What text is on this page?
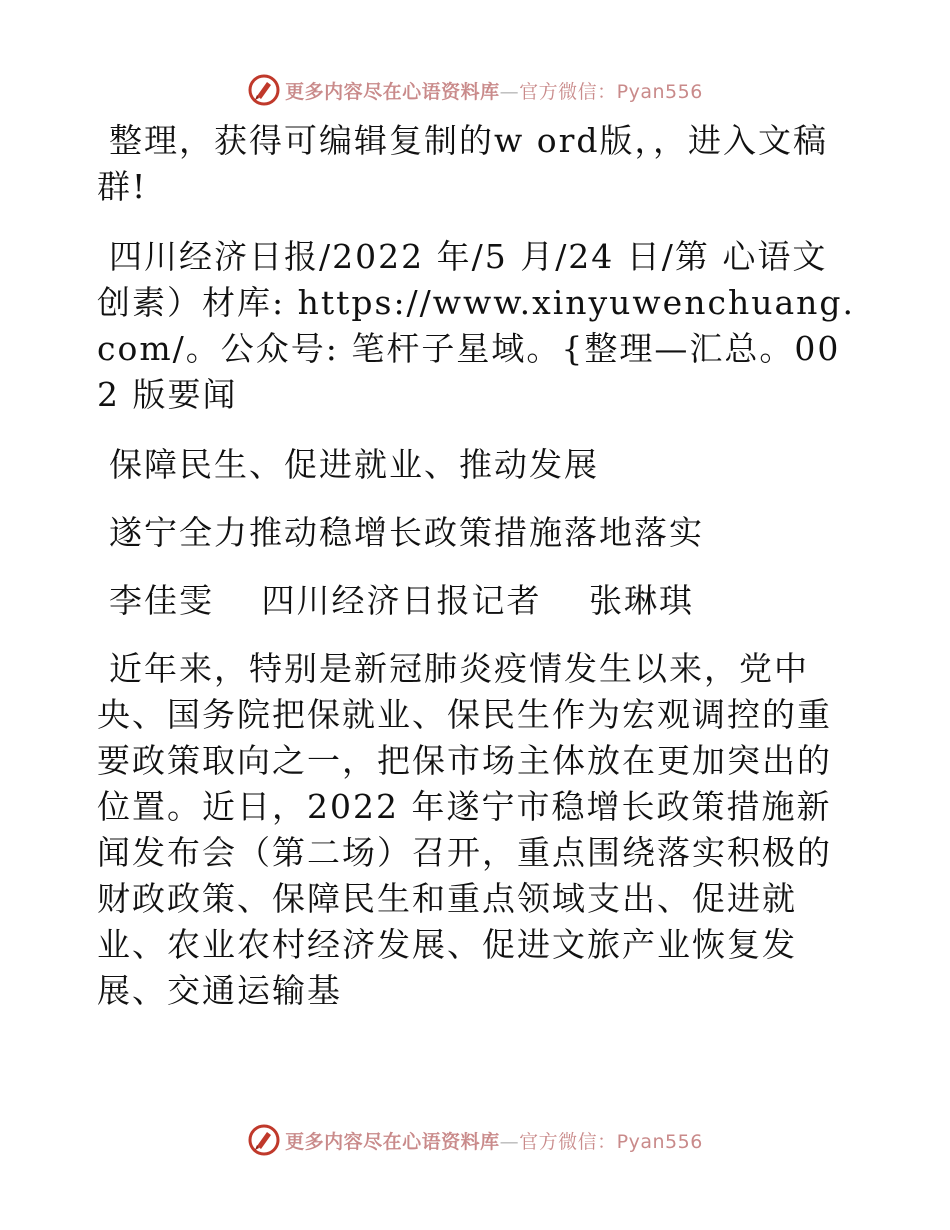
更多内容尽在心语资料库—官方微信：Pyan556

整理，获得可编辑复制的w ord版，，进入文稿群!

四川经济日报/2022 年/5 月/24 日/第 心语文创素）材库: https://www.xinyuwenchuang.com/。公众号: 笔杆子星域。{整理—汇总。002 版要闻

保障民生、促进就业、推动发展

遂宁全力推动稳增长政策措施落地落实

李佳雯　 四川经济日报记者　 张琳琪

近年来，特别是新冠肺炎疫情发生以来，党中央、国务院把保就业、保民生作为宏观调控的重要政策取向之一，把保市场主体放在更加突出的位置。近日，2022 年遂宁市稳增长政策措施新闻发布会（第二场）召开，重点围绕落实积极的财政政策、保障民生和重点领域支出、促进就业、农业农村经济发展、促进文旅产业恢复发展、交通运输基

更多内容尽在心语资料库—官方微信：Pyan556
